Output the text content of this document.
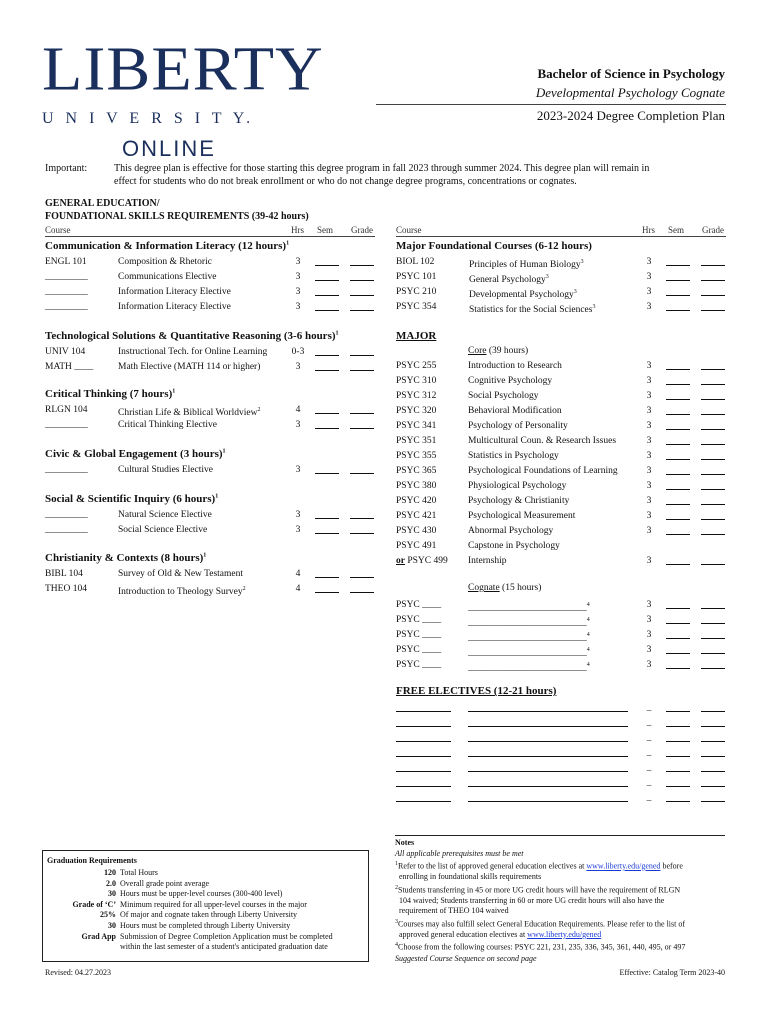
LIBERTY
U N I V E R S I T Y.
ONLINE
Bachelor of Science in Psychology
Developmental Psychology Cognate
2023-2024 Degree Completion Plan
Important:	This degree plan is effective for those starting this degree program in fall 2023 through summer 2024. This degree plan will remain in
effect for students who do not break enrollment or who do not change degree programs, concentrations or cognates.
GENERAL EDUCATION/
FOUNDATIONAL SKILLS REQUIREMENTS (39-42 hours)
Course	Hrs Sem Grade	Course	Hrs Sem Grade
Communication & Information Literacy (12 hours)$^1$
ENGL 101	Composition & Rhetoric	3
_________	Communications Elective	3
_________	Information Literacy Elective	3
_________	Information Literacy Elective	3
Technological Solutions & Quantitative Reasoning (3-6 hours)$^1$
UNIV 104	Instructional Tech. for Online Learning	0-3
MATH ____	Math Elective (MATH 114 or higher)	3
Critical Thinking (7 hours)$^1$
RLGN 104	Christian Life & Biblical Worldview$^2$	4
_________	Critical Thinking Elective	3
Civic & Global Engagement (3 hours)$^1$
_________	Cultural Studies Elective	3
Social & Scientific Inquiry (6 hours)$^1$
_________	Natural Science Elective	3
_________	Social Science Elective	3
Christianity & Contexts (8 hours)$^1$
BIBL 104	Survey of Old & New Testament	4
THEO 104	Introduction to Theology Survey$^2$	4
Major Foundational Courses (6-12 hours)
BIOL 102	Principles of Human Biology$^3$	3
PSYC 101	General Psychology$^3$	3
PSYC 210	Developmental Psychology$^3$	3
PSYC 354	Statistics for the Social Sciences$^3$	3
MAJOR
Core (39 hours)
PSYC 255	Introduction to Research	3
PSYC 310	Cognitive Psychology	3
PSYC 312	Social Psychology	3
PSYC 320	Behavioral Modification	3
PSYC 341	Psychology of Personality	3
PSYC 351	Multicultural Coun. & Research Issues	3
PSYC 355	Statistics in Psychology	3
PSYC 365	Psychological Foundations of Learning	3
PSYC 380	Physiological Psychology	3
PSYC 420	Psychology & Christianity	3
PSYC 421	Psychological Measurement	3
PSYC 430	Abnormal Psychology	3
PSYC 491	Capstone in Psychology
or PSYC 499 Internship	3
Cognate (15 hours)
PSYC ____	_________________________$^4$	3
PSYC ____	_________________________$^4$	3
PSYC ____	_________________________$^4$	3
PSYC ____	_________________________$^4$	3
PSYC ____	_________________________$^4$	3
FREE ELECTIVES (12-21 hours)
_
_
_
_
_
_
_
Graduation Requirements
120 Total Hours
2.0 Overall grade point average
30 Hours must be upper-level courses (300-400 level)
Grade of ‘C’ Minimum required for all upper-level courses in the major
25% Of major and cognate taken through Liberty University
30 Hours must be completed through Liberty University
Grad App Submission of Degree Completion Application must be completed
within the last semester of a student's anticipated graduation date
Notes
All applicable prerequisites must be met
$^1$Refer to the list of approved general education electives at www.liberty.edu/gened before
enrolling in foundational skills requirements
$^2$Students transferring in 45 or more UG credit hours will have the requirement of RLGN
104 waived; Students transferring in 60 or more UG credit hours will also have the
requirement of THEO 104 waived
$^3$Courses may also fulfill select General Education Requirements. Please refer to the list of
approved general education electives at www.liberty.edu/gened
$^4$Choose from the following courses: PSYC 221, 231, 235, 336, 345, 361, 440, 495, or 497
Suggested Course Sequence on second page
Revised: 04.27.2023	Effective: Catalog Term 2023-40
